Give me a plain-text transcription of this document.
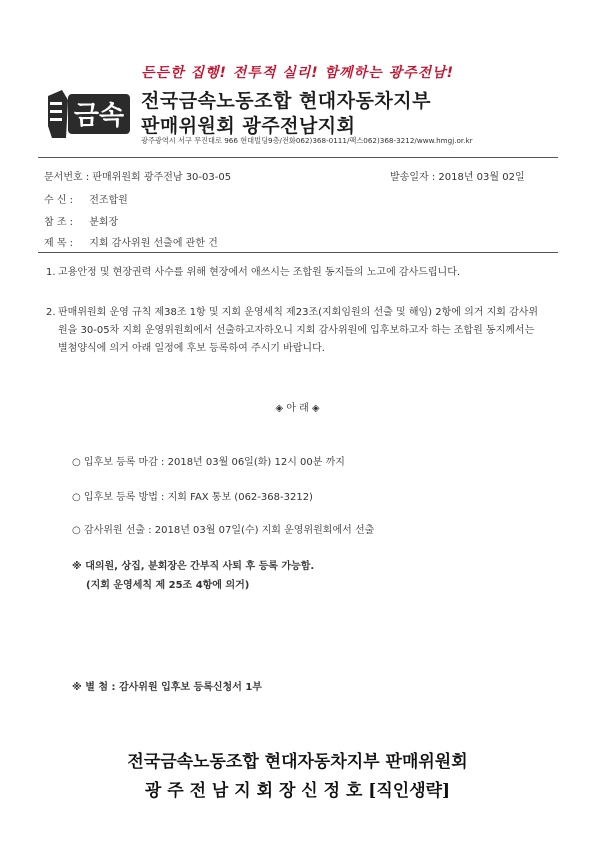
든든한 집행! 전투적 실리! 함께하는 광주전남!
금속 전국금속노동조합 현대자동차지부
판매위원회 광주전남지회
광주광역시 서구 무진대로 966 현대빌딩9층/전화062)368-0111/팩스062)368-3212/www.hmgj.or.kr
문서번호 : 판매위원회 광주전남 30-03-05	발송일자 : 2018년 03월 02일
수 신 : 전조합원
참 조 : 분회장
제 목 : 지회 감사위원 선출에 관한 건
1. 고용안정 및 현장권력 사수를 위해 현장에서 애쓰시는 조합원 동지들의 노고에 감사드립니다.
2. 판매위원회 운영 규칙 제38조 1항 및 지회 운영세칙 제23조(지회임원의 선출 및 해임) 2항에 의거 지회 감사위원을 30-05차 지회 운영위원회에서 선출하고자하오니 지회 감사위원에 입후보하고자 하는 조합원 동지께서는 별첨양식에 의거 아래 일정에 후보 등록하여 주시기 바랍니다.
◈ 아 래 ◈
○ 입후보 등록 마감 : 2018년 03월 06일(화) 12시 00분 까지
○ 입후보 등록 방법 : 지회 FAX 통보 (062-368-3212)
○ 감사위원 선출 : 2018년 03월 07일(수) 지회 운영위원회에서 선출
※ 대의원, 상집, 분회장은 간부직 사퇴 후 등록 가능함.
(지회 운영세칙 제 25조 4항에 의거)
※ 별 첨 : 감사위원 입후보 등록신청서 1부
전국금속노동조합 현대자동차지부 판매위원회
광 주 전 남 지 회 장 신 정 호 [직인생략]
